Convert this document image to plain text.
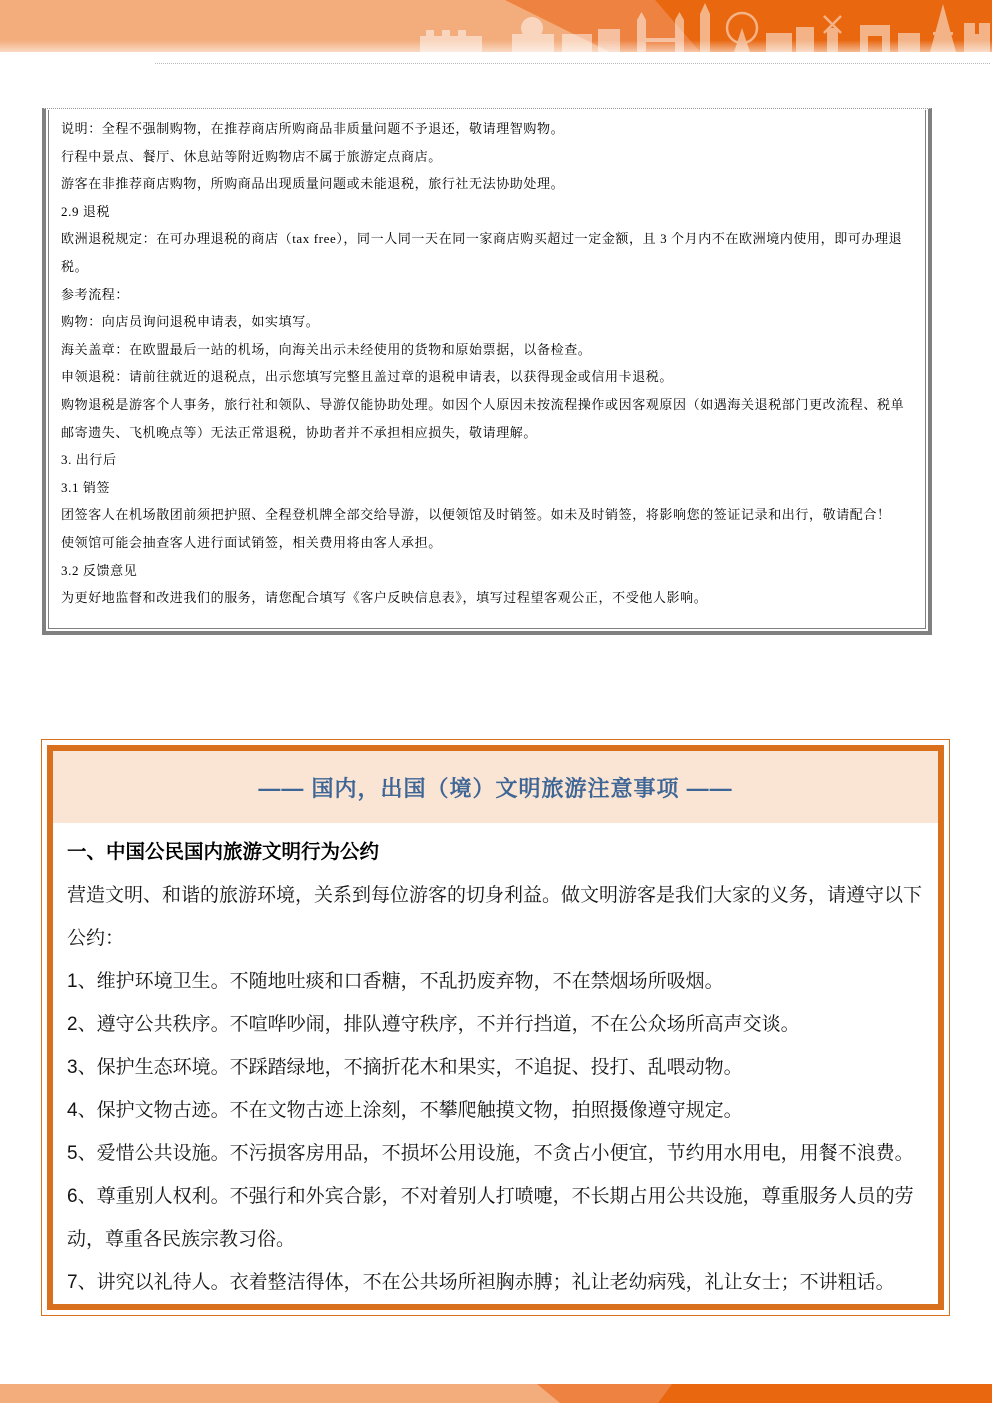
说明：全程不强制购物，在推荐商店所购商品非质量问题不予退还，敬请理智购物。

行程中景点、餐厅、休息站等附近购物店不属于旅游定点商店。

游客在非推荐商店购物，所购商品出现质量问题或未能退税，旅行社无法协助处理。

2.9 退税

欧洲退税规定：在可办理退税的商店（tax free），同一人同一天在同一家商店购买超过一定金额，且 3 个月内不在欧洲境内使用，即可办理退税。

参考流程：

购物：向店员询问退税申请表，如实填写。

海关盖章：在欧盟最后一站的机场，向海关出示未经使用的货物和原始票据，以备检查。

申领退税：请前往就近的退税点，出示您填写完整且盖过章的退税申请表，以获得现金或信用卡退税。

购物退税是游客个人事务，旅行社和领队、导游仅能协助处理。如因个人原因未按流程操作或因客观原因（如遇海关退税部门更改流程、税单邮寄遗失、飞机晚点等）无法正常退税，协助者并不承担相应损失，敬请理解。

3. 出行后

3.1 销签

团签客人在机场散团前须把护照、全程登机牌全部交给导游，以便领馆及时销签。如未及时销签，将影响您的签证记录和出行，敬请配合！

使领馆可能会抽查客人进行面试销签，相关费用将由客人承担。

3.2 反馈意见

为更好地监督和改进我们的服务，请您配合填写《客户反映信息表》，填写过程望客观公正，不受他人影响。

—— 国内，出国（境）文明旅游注意事项 ——

一、中国公民国内旅游文明行为公约

营造文明、和谐的旅游环境，关系到每位游客的切身利益。做文明游客是我们大家的义务，请遵守以下公约：

1、维护环境卫生。不随地吐痰和口香糖，不乱扔废弃物，不在禁烟场所吸烟。

2、遵守公共秩序。不喧哗吵闹，排队遵守秩序，不并行挡道，不在公众场所高声交谈。

3、保护生态环境。不踩踏绿地，不摘折花木和果实，不追捉、投打、乱喂动物。

4、保护文物古迹。不在文物古迹上涂刻，不攀爬触摸文物，拍照摄像遵守规定。

5、爱惜公共设施。不污损客房用品，不损坏公用设施，不贪占小便宜，节约用水用电，用餐不浪费。

6、尊重别人权利。不强行和外宾合影，不对着别人打喷嚏，不长期占用公共设施，尊重服务人员的劳动，尊重各民族宗教习俗。

7、讲究以礼待人。衣着整洁得体，不在公共场所袒胸赤膊；礼让老幼病残，礼让女士；不讲粗话。
